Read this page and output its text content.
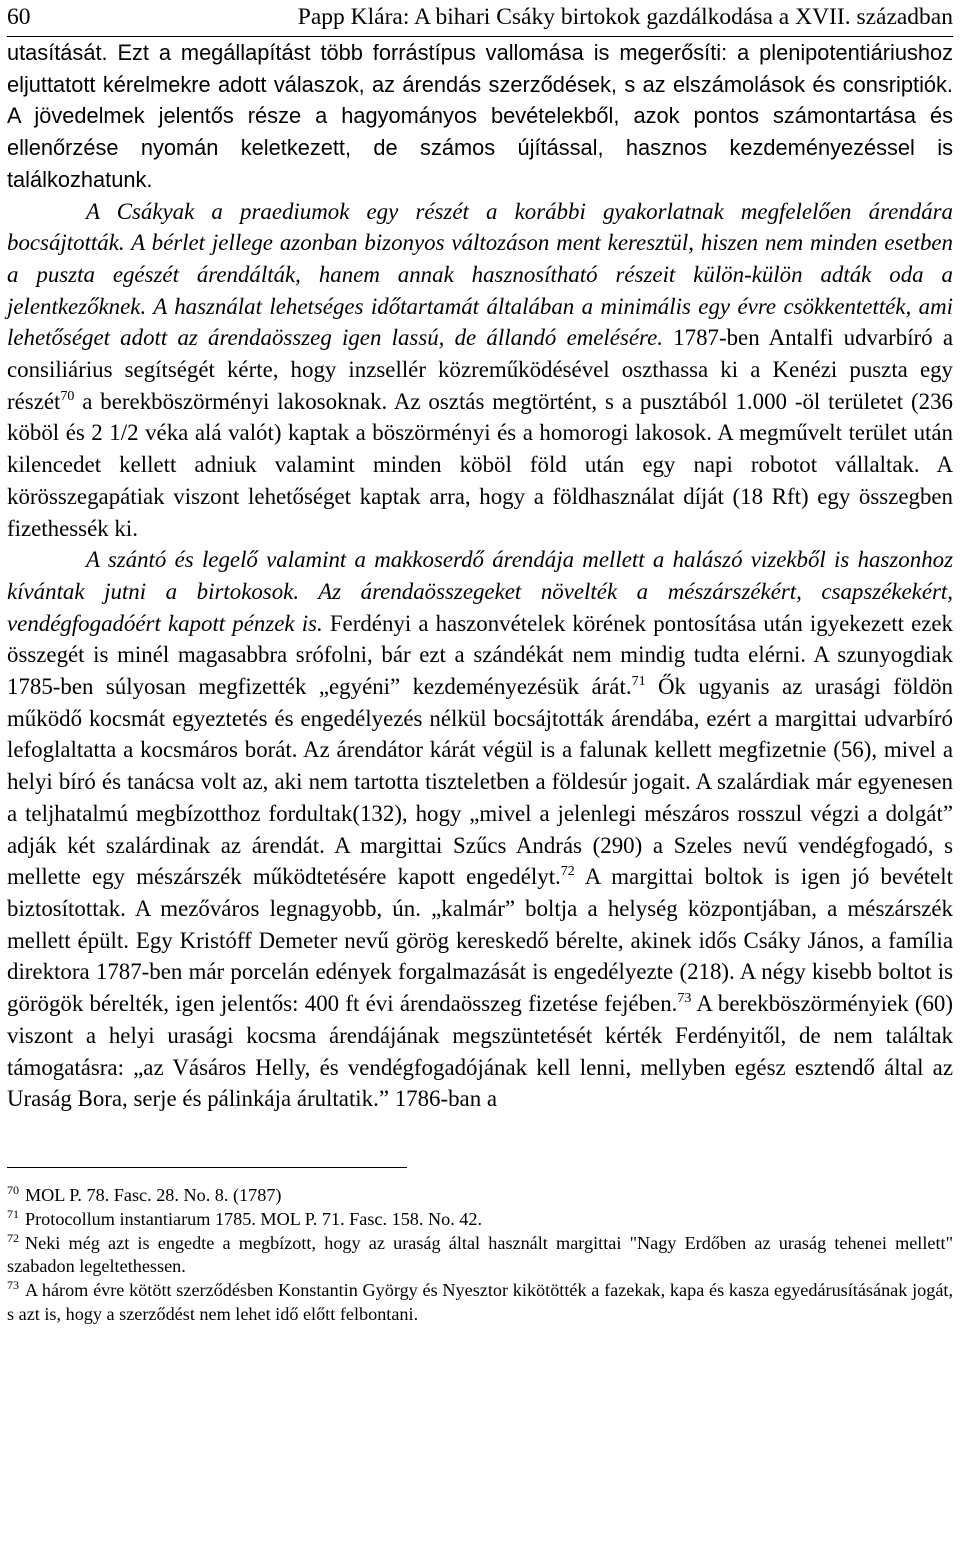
60	Papp Klára: A bihari Csáky birtokok gazdálkodása a XVII. században

utasítását. Ezt a megállapítást több forrástípus vallomása is megerősíti: a plenipotentiáriushoz eljuttatott kérelmekre adott válaszok, az árendás szerződések, s az elszámolások és consriptiók. A jövedelmek jelentős része a hagyományos bevételekből, azok pontos számontartása és ellenőrzése nyomán keletkezett, de számos újítással, hasznos kezdeményezéssel is találkozhatunk.

A Csákyak a praediumok egy részét a korábbi gyakorlatnak megfelelően árendára bocsájtották. A bérlet jellege azonban bizonyos változáson ment keresztül, hiszen nem minden esetben a puszta egészét árendálták, hanem annak hasznosítható részeit külön-külön adták oda a jelentkezőknek. A használat lehetséges időtartamát általában a minimális egy évre csökkentették, ami lehetőséget adott az árendaösszeg igen lassú, de állandó emelésére. 1787-ben Antalfi udvarbíró a consiliárius segítségét kérte, hogy inzsellér közreműködésével oszthassa ki a Kenézi puszta egy részét$^{70}$ a berekböszörményi lakosoknak. Az osztás megtörtént, s a pusztából 1.000 -öl területet (236 köböl és 2 1/2 véka alá valót) kaptak a böszörményi és a homorogi lakosok. A megművelt terület után kilencedet kellett adniuk valamint minden köböl föld után egy napi robotot vállaltak. A körösszegapátiak viszont lehetőséget kaptak arra, hogy a földhasználat díját (18 Rft) egy összegben fizethessék ki.

A szántó és legelő valamint a makkoserdő árendája mellett a halászó vizekből is haszonhoz kívántak jutni a birtokosok. Az árendaösszegeket növelték a mészárszékért, csapszékekért, vendégfogadóért kapott pénzek is. Ferdényi a haszonvételek körének pontosítása után igyekezett ezek összegét is minél magasabbra srófolni, bár ezt a szándékát nem mindig tudta elérni. A szunyogdiak 1785-ben súlyosan megfizették „egyéni” kezdeményezésük árát.$^{71}$ Ők ugyanis az urasági földön működő kocsmát egyeztetés és engedélyezés nélkül bocsájtották árendába, ezért a margittai udvarbíró lefoglaltatta a kocsmáros borát. Az árendátor kárát végül is a falunak kellett megfizetnie (56), mivel a helyi bíró és tanácsa volt az, aki nem tartotta tiszteletben a földesúr jogait. A szalárdiak már egyenesen a teljhatalmú megbízotthoz fordultak(132), hogy „mivel a jelenlegi mészáros rosszul végzi a dolgát” adják két szalárdinak az árendát. A margittai Szűcs András (290) a Szeles nevű vendégfogadó, s mellette egy mészárszék működtetésére kapott engedélyt.$^{72}$ A margittai boltok is igen jó bevételt biztosítottak. A mezőváros legnagyobb, ún. „kalmár” boltja a helység központjában, a mészárszék mellett épült. Egy Kristóff Demeter nevű görög kereskedő bérelte, akinek idős Csáky János, a família direktora 1787-ben már porcelán edények forgalmazását is engedélyezte (218). A négy kisebb boltot is görögök bérelték, igen jelentős: 400 ft évi árendaösszeg fizetése fejében.$^{73}$ A berekböszörményiek (60) viszont a helyi urasági kocsma árendájának megszüntetését kérték Ferdényitől, de nem találtak támogatásra: „az Vásáros Helly, és vendégfogadójának kell lenni, mellyben egész esztendő által az Uraság Bora, serje és pálinkája árultatik.” 1786-ban a

$^{70}$ MOL P. 78. Fasc. 28. No. 8. (1787)

$^{71}$ Protocollum instantiarum 1785. MOL P. 71. Fasc. 158. No. 42.

$^{72}$ Neki még azt is engedte a megbízott, hogy az uraság által használt margittai "Nagy Erdőben az uraság tehenei mellett" szabadon legeltethessen.

$^{73}$ A három évre kötött szerződésben Konstantin György és Nyesztor kikötötték a fazekak, kapa és kasza egyedárusításának jogát, s azt is, hogy a szerződést nem lehet idő előtt felbontani.
